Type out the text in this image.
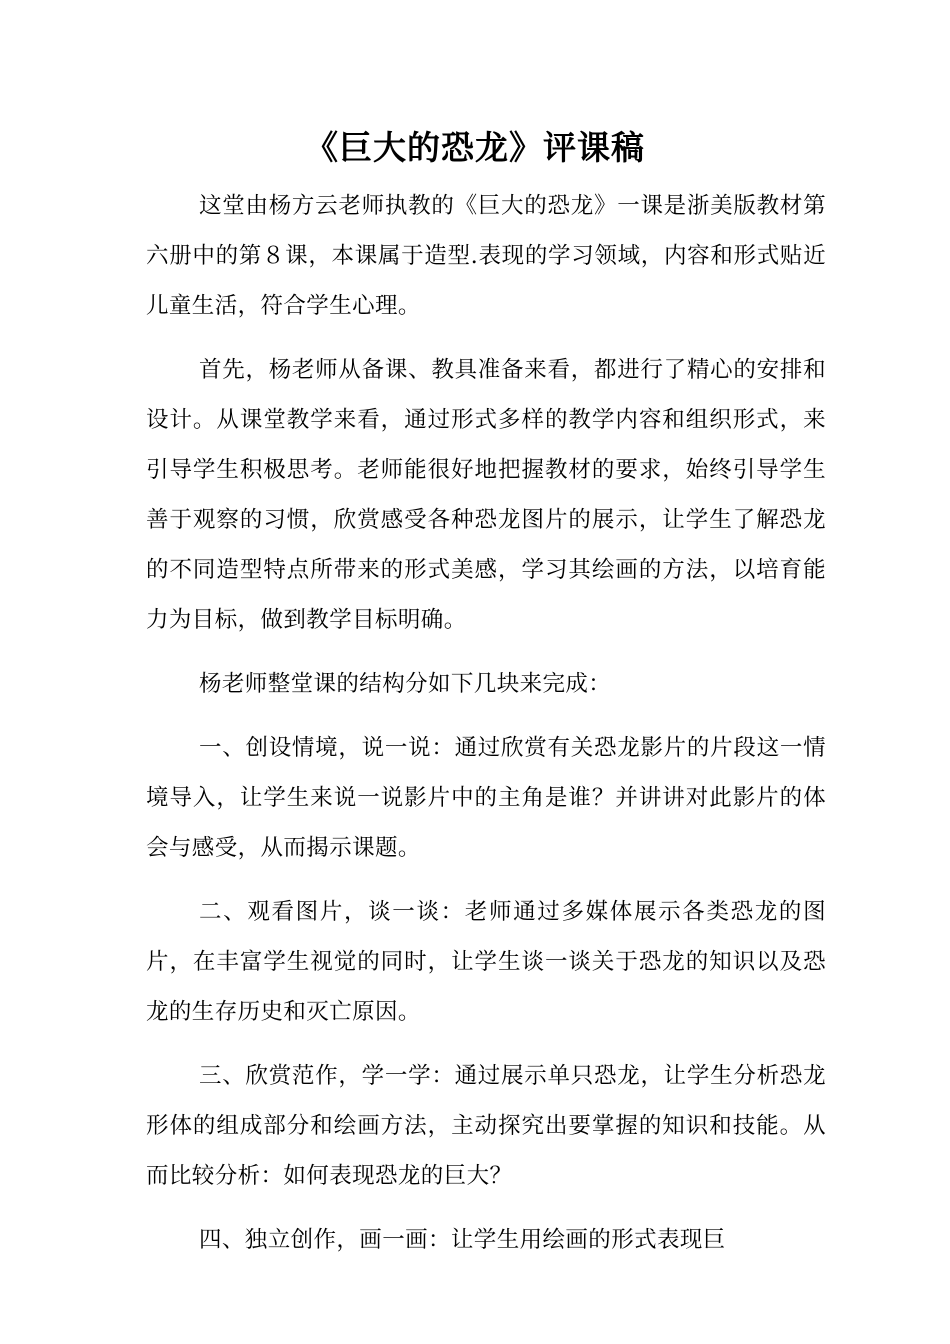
《巨大的恐龙》评课稿

这堂由杨方云老师执教的《巨大的恐龙》一课是浙美版教材第六册中的第８课，本课属于造型.表现的学习领域，内容和形式贴近儿童生活，符合学生心理。

首先，杨老师从备课、教具准备来看，都进行了精心的安排和设计。从课堂教学来看，通过形式多样的教学内容和组织形式，来引导学生积极思考。老师能很好地把握教材的要求，始终引导学生善于观察的习惯，欣赏感受各种恐龙图片的展示，让学生了解恐龙的不同造型特点所带来的形式美感，学习其绘画的方法，以培育能力为目标，做到教学目标明确。

杨老师整堂课的结构分如下几块来完成：

一、创设情境，说一说：通过欣赏有关恐龙影片的片段这一情境导入，让学生来说一说影片中的主角是谁？并讲讲对此影片的体会与感受，从而揭示课题。

二、观看图片，谈一谈：老师通过多媒体展示各类恐龙的图片，在丰富学生视觉的同时，让学生谈一谈关于恐龙的知识以及恐龙的生存历史和灭亡原因。

三、欣赏范作，学一学：通过展示单只恐龙，让学生分析恐龙形体的组成部分和绘画方法，主动探究出要掌握的知识和技能。从而比较分析：如何表现恐龙的巨大？

四、独立创作，画一画：让学生用绘画的形式表现巨
